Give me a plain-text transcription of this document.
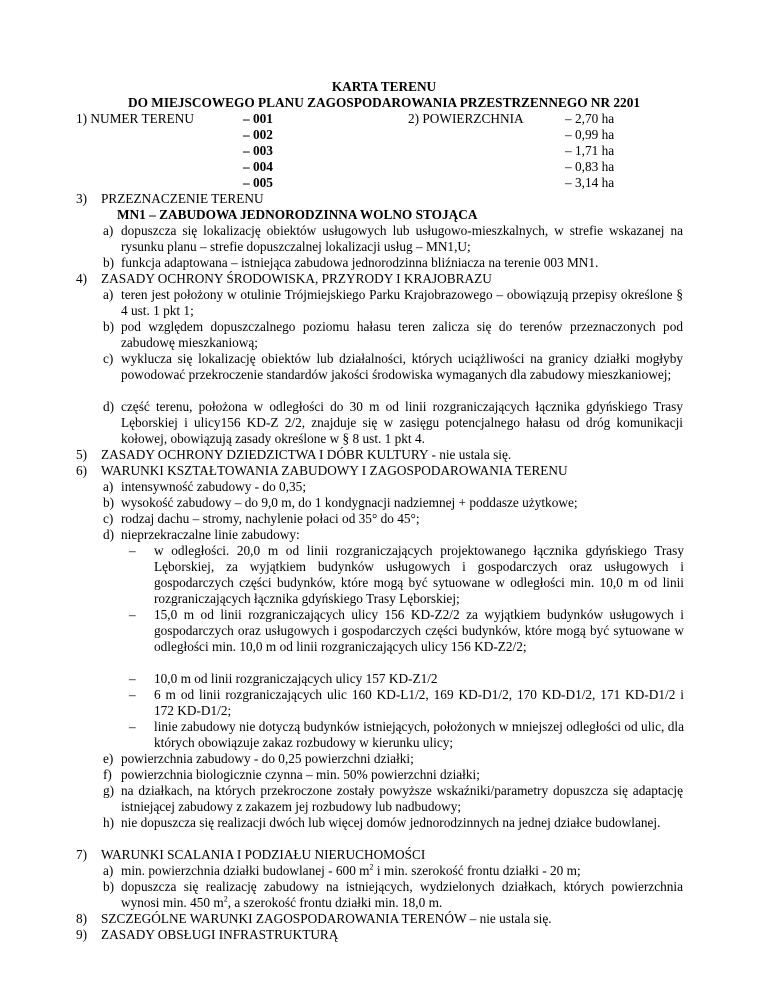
KARTA TERENU
DO MIEJSCOWEGO PLANU ZAGOSPODAROWANIA PRZESTRZENNEGO NR 2201
1) NUMER TERENU	– 001
– 002
– 003
– 004
– 005
2) POWIERZCHNIA	– 2,70 ha
– 0,99 ha
– 1,71 ha
– 0,83 ha
– 3,14 ha
3) PRZEZNACZENIE TERENU
MN1 – ZABUDOWA JEDNORODZINNA WOLNO STOJĄCA
a) dopuszcza się lokalizację obiektów usługowych lub usługowo-mieszkalnych, w strefie wskazanej na rysunku planu – strefie dopuszczalnej lokalizacji usług – MN1,U;
b) funkcja adaptowana – istniejąca zabudowa jednorodzinna bliźniacza na terenie 003 MN1.
4) ZASADY OCHRONY ŚRODOWISKA, PRZYRODY I KRAJOBRAZU
a) teren jest położony w otulinie Trójmiejskiego Parku Krajobrazowego – obowiązują przepisy określone § 4 ust. 1 pkt 1;
b) pod względem dopuszczalnego poziomu hałasu teren zalicza się do terenów przeznaczonych pod zabudowę mieszkaniową;
c) wyklucza się lokalizację obiektów lub działalności, których uciążliwości na granicy działki mogłyby powodować przekroczenie standardów jakości środowiska wymaganych dla zabudowy mieszkaniowej;
d) część terenu, położona w odległości do 30 m od linii rozgraniczających łącznika gdyńskiego Trasy Lęborskiej i ulicy156 KD-Z 2/2, znajduje się w zasięgu potencjalnego hałasu od dróg komunikacji kołowej, obowiązują zasady określone w § 8 ust. 1 pkt 4.
5) ZASADY OCHRONY DZIEDZICTWA I DÓBR KULTURY - nie ustala się.
6) WARUNKI KSZTAŁTOWANIA ZABUDOWY I ZAGOSPODAROWANIA TERENU
a) intensywność zabudowy - do 0,35;
b) wysokość zabudowy – do 9,0 m, do 1 kondygnacji nadziemnej + poddasze użytkowe;
c) rodzaj dachu – stromy, nachylenie połaci od 35° do 45°;
d) nieprzekraczalne linie zabudowy:
– w odległości. 20,0 m od linii rozgraniczających projektowanego łącznika gdyńskiego Trasy Lęborskiej, za wyjątkiem budynków usługowych i gospodarczych oraz usługowych i gospodarczych części budynków, które mogą być sytuowane w odległości min. 10,0 m od linii rozgraniczających łącznika gdyńskiego Trasy Lęborskiej;
– 15,0 m od linii rozgraniczających ulicy 156 KD-Z2/2 za wyjątkiem budynków usługowych i gospodarczych oraz usługowych i gospodarczych części budynków, które mogą być sytuowane w odległości min. 10,0 m od linii rozgraniczających ulicy 156 KD-Z2/2;
– 10,0 m od linii rozgraniczających ulicy 157 KD-Z1/2
– 6 m od linii rozgraniczających ulic 160 KD-L1/2, 169 KD-D1/2, 170 KD-D1/2, 171 KD-D1/2 i 172 KD-D1/2;
– linie zabudowy nie dotyczą budynków istniejących, położonych w mniejszej odległości od ulic, dla których obowiązuje zakaz rozbudowy w kierunku ulicy;
e) powierzchnia zabudowy - do 0,25 powierzchni działki;
f) powierzchnia biologicznie czynna – min. 50% powierzchni działki;
g) na działkach, na których przekroczone zostały powyższe wskaźniki/parametry dopuszcza się adaptację istniejącej zabudowy z zakazem jej rozbudowy lub nadbudowy;
h) nie dopuszcza się realizacji dwóch lub więcej domów jednorodzinnych na jednej działce budowlanej.
7) WARUNKI SCALANIA I PODZIAŁU NIERUCHOMOŚCI
a) min. powierzchnia działki budowlanej - 600 $m^2$ i min. szerokość frontu działki - 20 m;
b) dopuszcza się realizację zabudowy na istniejących, wydzielonych działkach, których powierzchnia wynosi min. 450 $m^2$, a szerokość frontu działki min. 18,0 m.
8) SZCZEGÓLNE WARUNKI ZAGOSPODAROWANIA TERENÓW – nie ustala się.
9) ZASADY OBSŁUGI INFRASTRUKTURĄ
